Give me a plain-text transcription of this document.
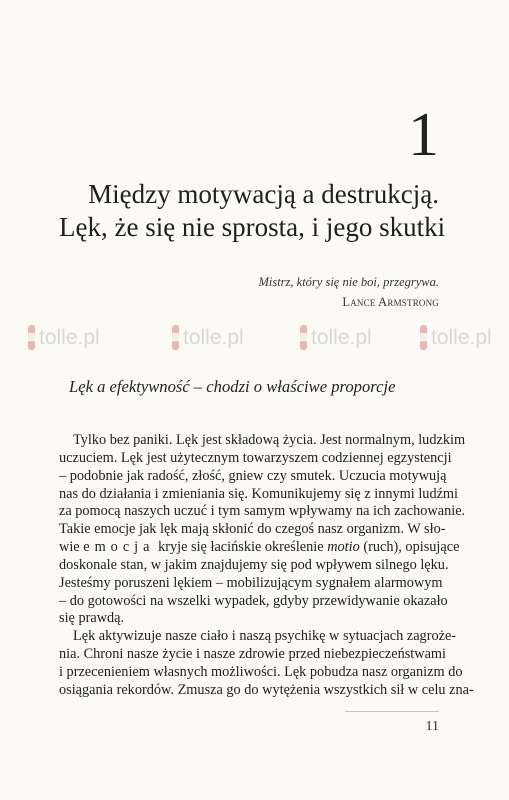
1
Między motywacją a destrukcją.
Lęk, że się nie sprosta, i jego skutki
Mistrz, który się nie boi, przegrywa.
Lance Armstrong
tolle.pl	tolle.pl	tolle.pl	tolle.pl
Lęk a efektywność – chodzi o właściwe proporcje
Tylko bez paniki. Lęk jest składową życia. Jest normalnym, ludzkim
uczuciem. Lęk jest użytecznym towarzyszem codziennej egzystencji
– podobnie jak radość, złość, gniew czy smutek. Uczucia motywują
nas do działania i zmieniania się. Komunikujemy się z innymi ludźmi
za pomocą naszych uczuć i tym samym wpływamy na ich zachowanie.
Takie emocje jak lęk mają skłonić do czegoś nasz organizm. W sło-
wie emocja kryje się łacińskie określenie motio (ruch), opisujące
doskonale stan, w jakim znajdujemy się pod wpływem silnego lęku.
Jesteśmy poruszeni lękiem – mobilizującym sygnałem alarmowym
– do gotowości na wszelki wypadek, gdyby przewidywanie okazało
się prawdą.
Lęk aktywizuje nasze ciało i naszą psychikę w sytuacjach zagroże-
nia. Chroni nasze życie i nasze zdrowie przed niebezpieczeństwami
i przecenieniem własnych możliwości. Lęk pobudza nasz organizm do
osiągania rekordów. Zmusza go do wytężenia wszystkich sił w celu zna-
11
